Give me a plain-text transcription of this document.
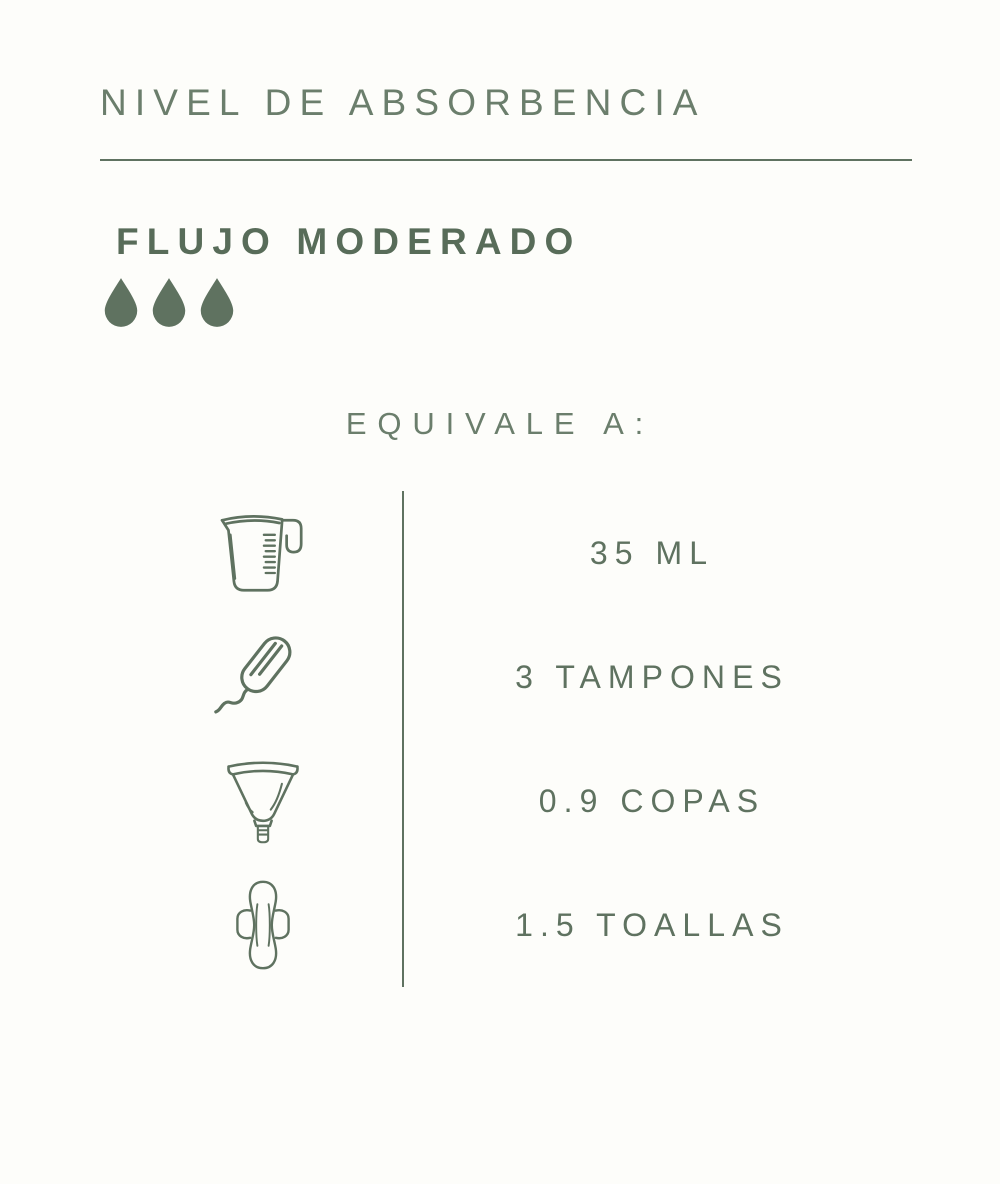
NIVEL DE ABSORBENCIA
FLUJO MODERADO
EQUIVALE A:
35 ML
3 TAMPONES
0.9 COPAS
1.5 TOALLAS
